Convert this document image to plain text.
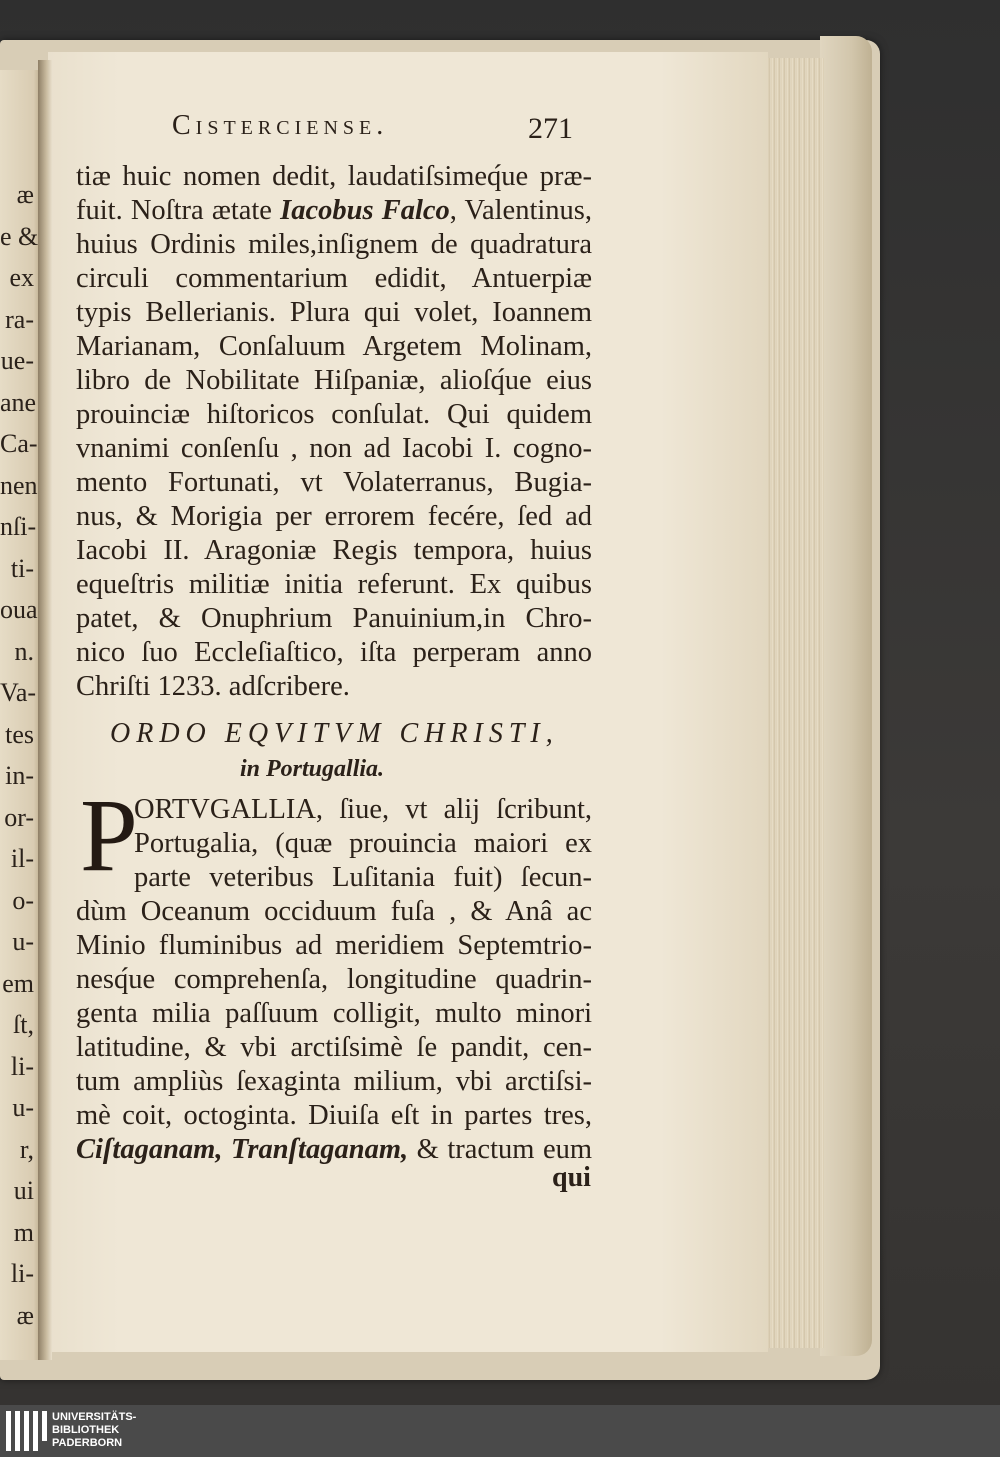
æ
e &
ex
ra-
ue-
ane
Ca-
nen
nſi-
ti-
oua
n.
Va-
tes
in-
or-
il-
o-
u-
em
ſt,
li-
u-
r,
ui
m
li-
æ
Cistercienſe.	271
tiæ huic nomen dedit, laudatiſsimeq́ue præ-
fuit. Noſtra ætate Iacobus Falco, Valentinus,
huius Ordinis miles,inſignem de quadratura
circuli commentarium edidit, Antuerpiæ
typis Bellerianis. Plura qui volet, Ioannem
Marianam, Conſaluum Argetem Molinam,
libro de Nobilitate Hiſpaniæ, alioſq́ue eius
prouinciæ hiſtoricos conſulat. Qui quidem
vnanimi conſenſu , non ad Iacobi I. cogno-
mento Fortunati, vt Volaterranus, Bugia-
nus, & Morigia per errorem fecére, ſed ad
Iacobi II. Aragoniæ Regis tempora, huius
equeſtris militiæ initia referunt. Ex quibus
patet, & Onuphrium Panuinium,in Chro-
nico ſuo Eccleſiaſtico, iſta perperam anno
Chriſti 1233. adſcribere.
ORDO EQVITVM CHRISTI,
in Portugallia.
P
ORTVGALLIA, ſiue, vt alij ſcribunt,
Portugalia, (quæ prouincia maiori ex
parte veteribus Luſitania fuit) ſecun-
dùm Oceanum occiduum fuſa , & Anâ ac
Minio fluminibus ad meridiem Septemtrio-
nesq́ue comprehenſa, longitudine quadrin-
genta milia paſſuum colligit, multo minori
latitudine, & vbi arctiſsimè ſe pandit, cen-
tum ampliùs ſexaginta milium, vbi arctiſsi-
mè coit, octoginta. Diuiſa eſt in partes tres,
Ciſtaganam, Tranſtaganam, & tractum eum
qui
UNIVERSITÄTS-
BIBLIOTHEK
PADERBORN
